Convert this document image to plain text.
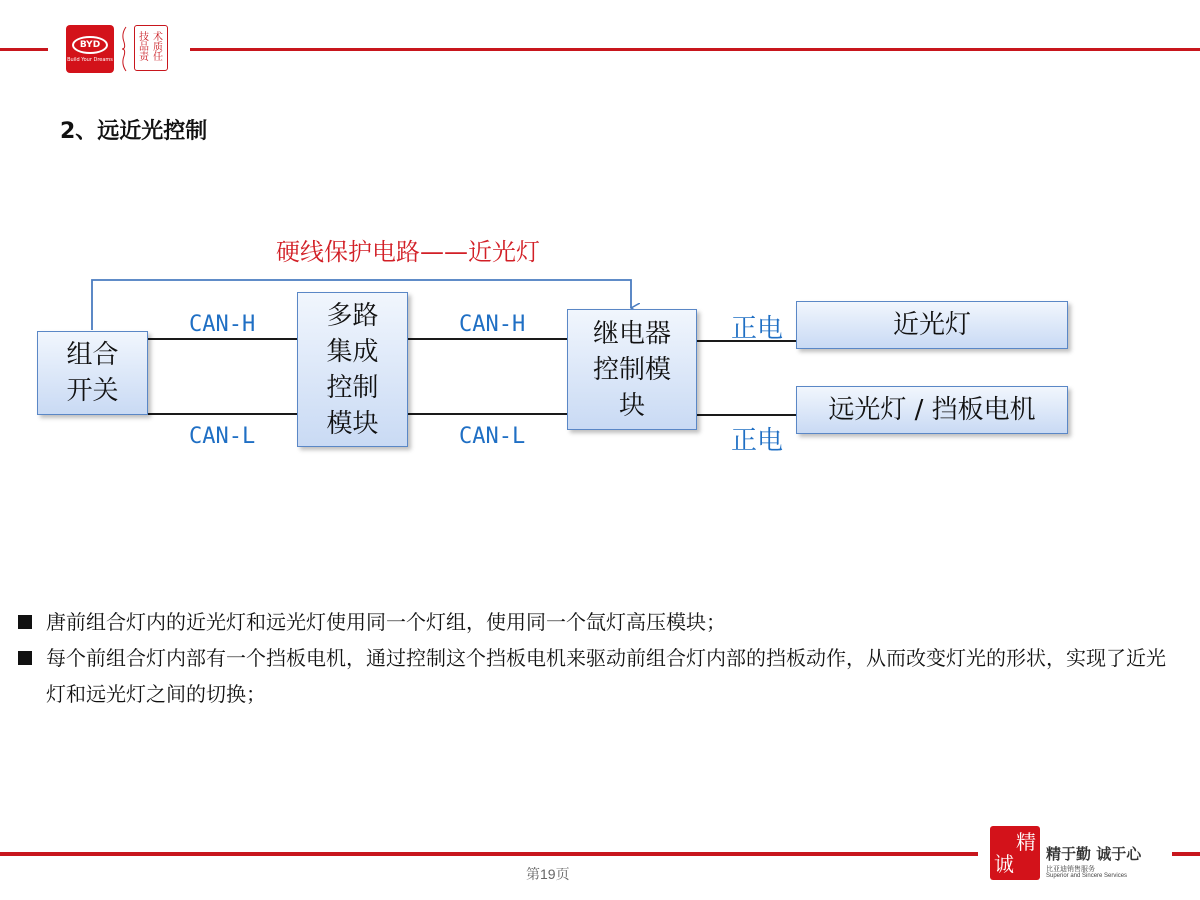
BYD
Build Your Dreams
技 术
品 质
责 任
2、远近光控制
硬线保护电路——近光灯
组合
开关
多路
集成
控制
模块
继电器
控制模
块
近光灯
远光灯 / 挡板电机
CAN-H
CAN-L
CAN-H
CAN-L
正电
正电
唐前组合灯内的近光灯和远光灯使用同一个灯组，使用同一个氙灯高压模块；
每个前组合灯内部有一个挡板电机，通过控制这个挡板电机来驱动前组合灯内部的挡板动作，从而改变灯光的形状，实现了近光灯和远光灯之间的切换；
第19页
精
诚 精于勤 诚于心
比亚迪销售服务
Superior and Sincere Services
